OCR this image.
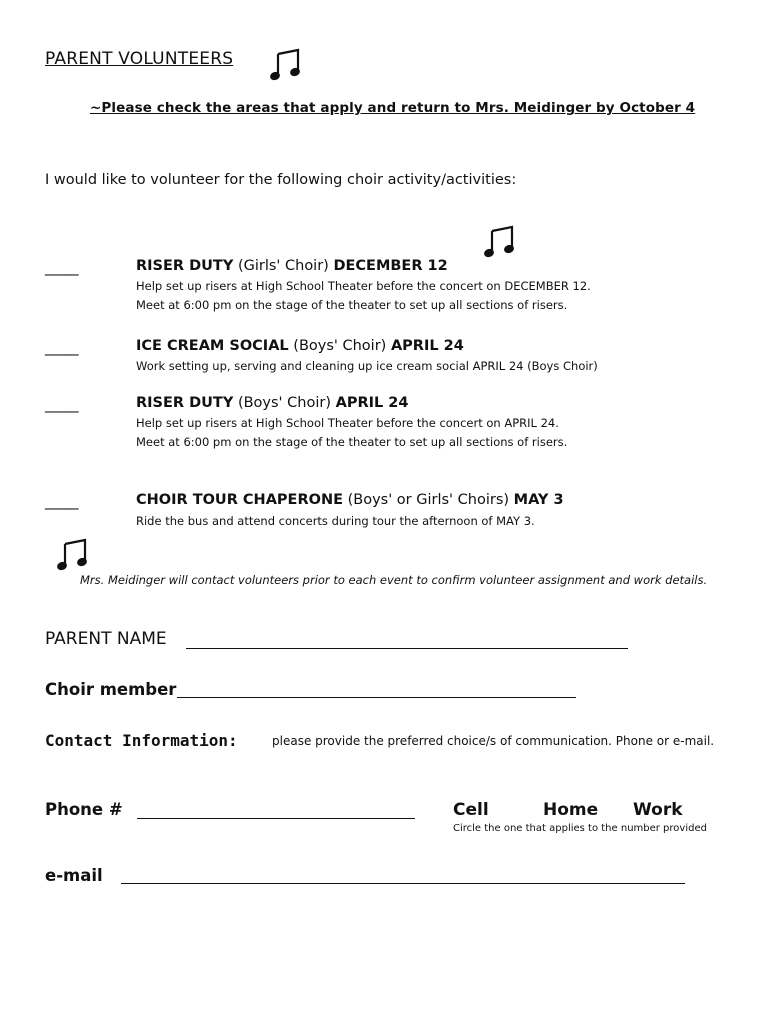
PARENT VOLUNTEERS
~Please check the areas that apply and return to Mrs. Meidinger by October 4
I would like to volunteer for the following choir activity/activities:
_____	RISER DUTY (Girls' Choir) DECEMBER 12
Help set up risers at High School Theater before the concert on DECEMBER 12.
Meet at 6:00 pm on the stage of the theater to set up all sections of risers.
_____	ICE CREAM SOCIAL (Boys' Choir) APRIL 24
Work setting up, serving and cleaning up ice cream social APRIL 24 (Boys Choir)
_____	RISER DUTY (Boys' Choir) APRIL 24
Help set up risers at High School Theater before the concert on APRIL 24.
Meet at 6:00 pm on the stage of the theater to set up all sections of risers.
_____	CHOIR TOUR CHAPERONE (Boys' or Girls' Choirs) MAY 3
Ride the bus and attend concerts during tour the afternoon of MAY 3.
Mrs. Meidinger will contact volunteers prior to each event to confirm volunteer assignment and work details.
PARENT NAME
Choir member
Contact Information:	please provide the preferred choice/s of communication. Phone or e-mail.
Phone #	Cell	Home Work
Circle the one that applies to the number provided
e-mail
